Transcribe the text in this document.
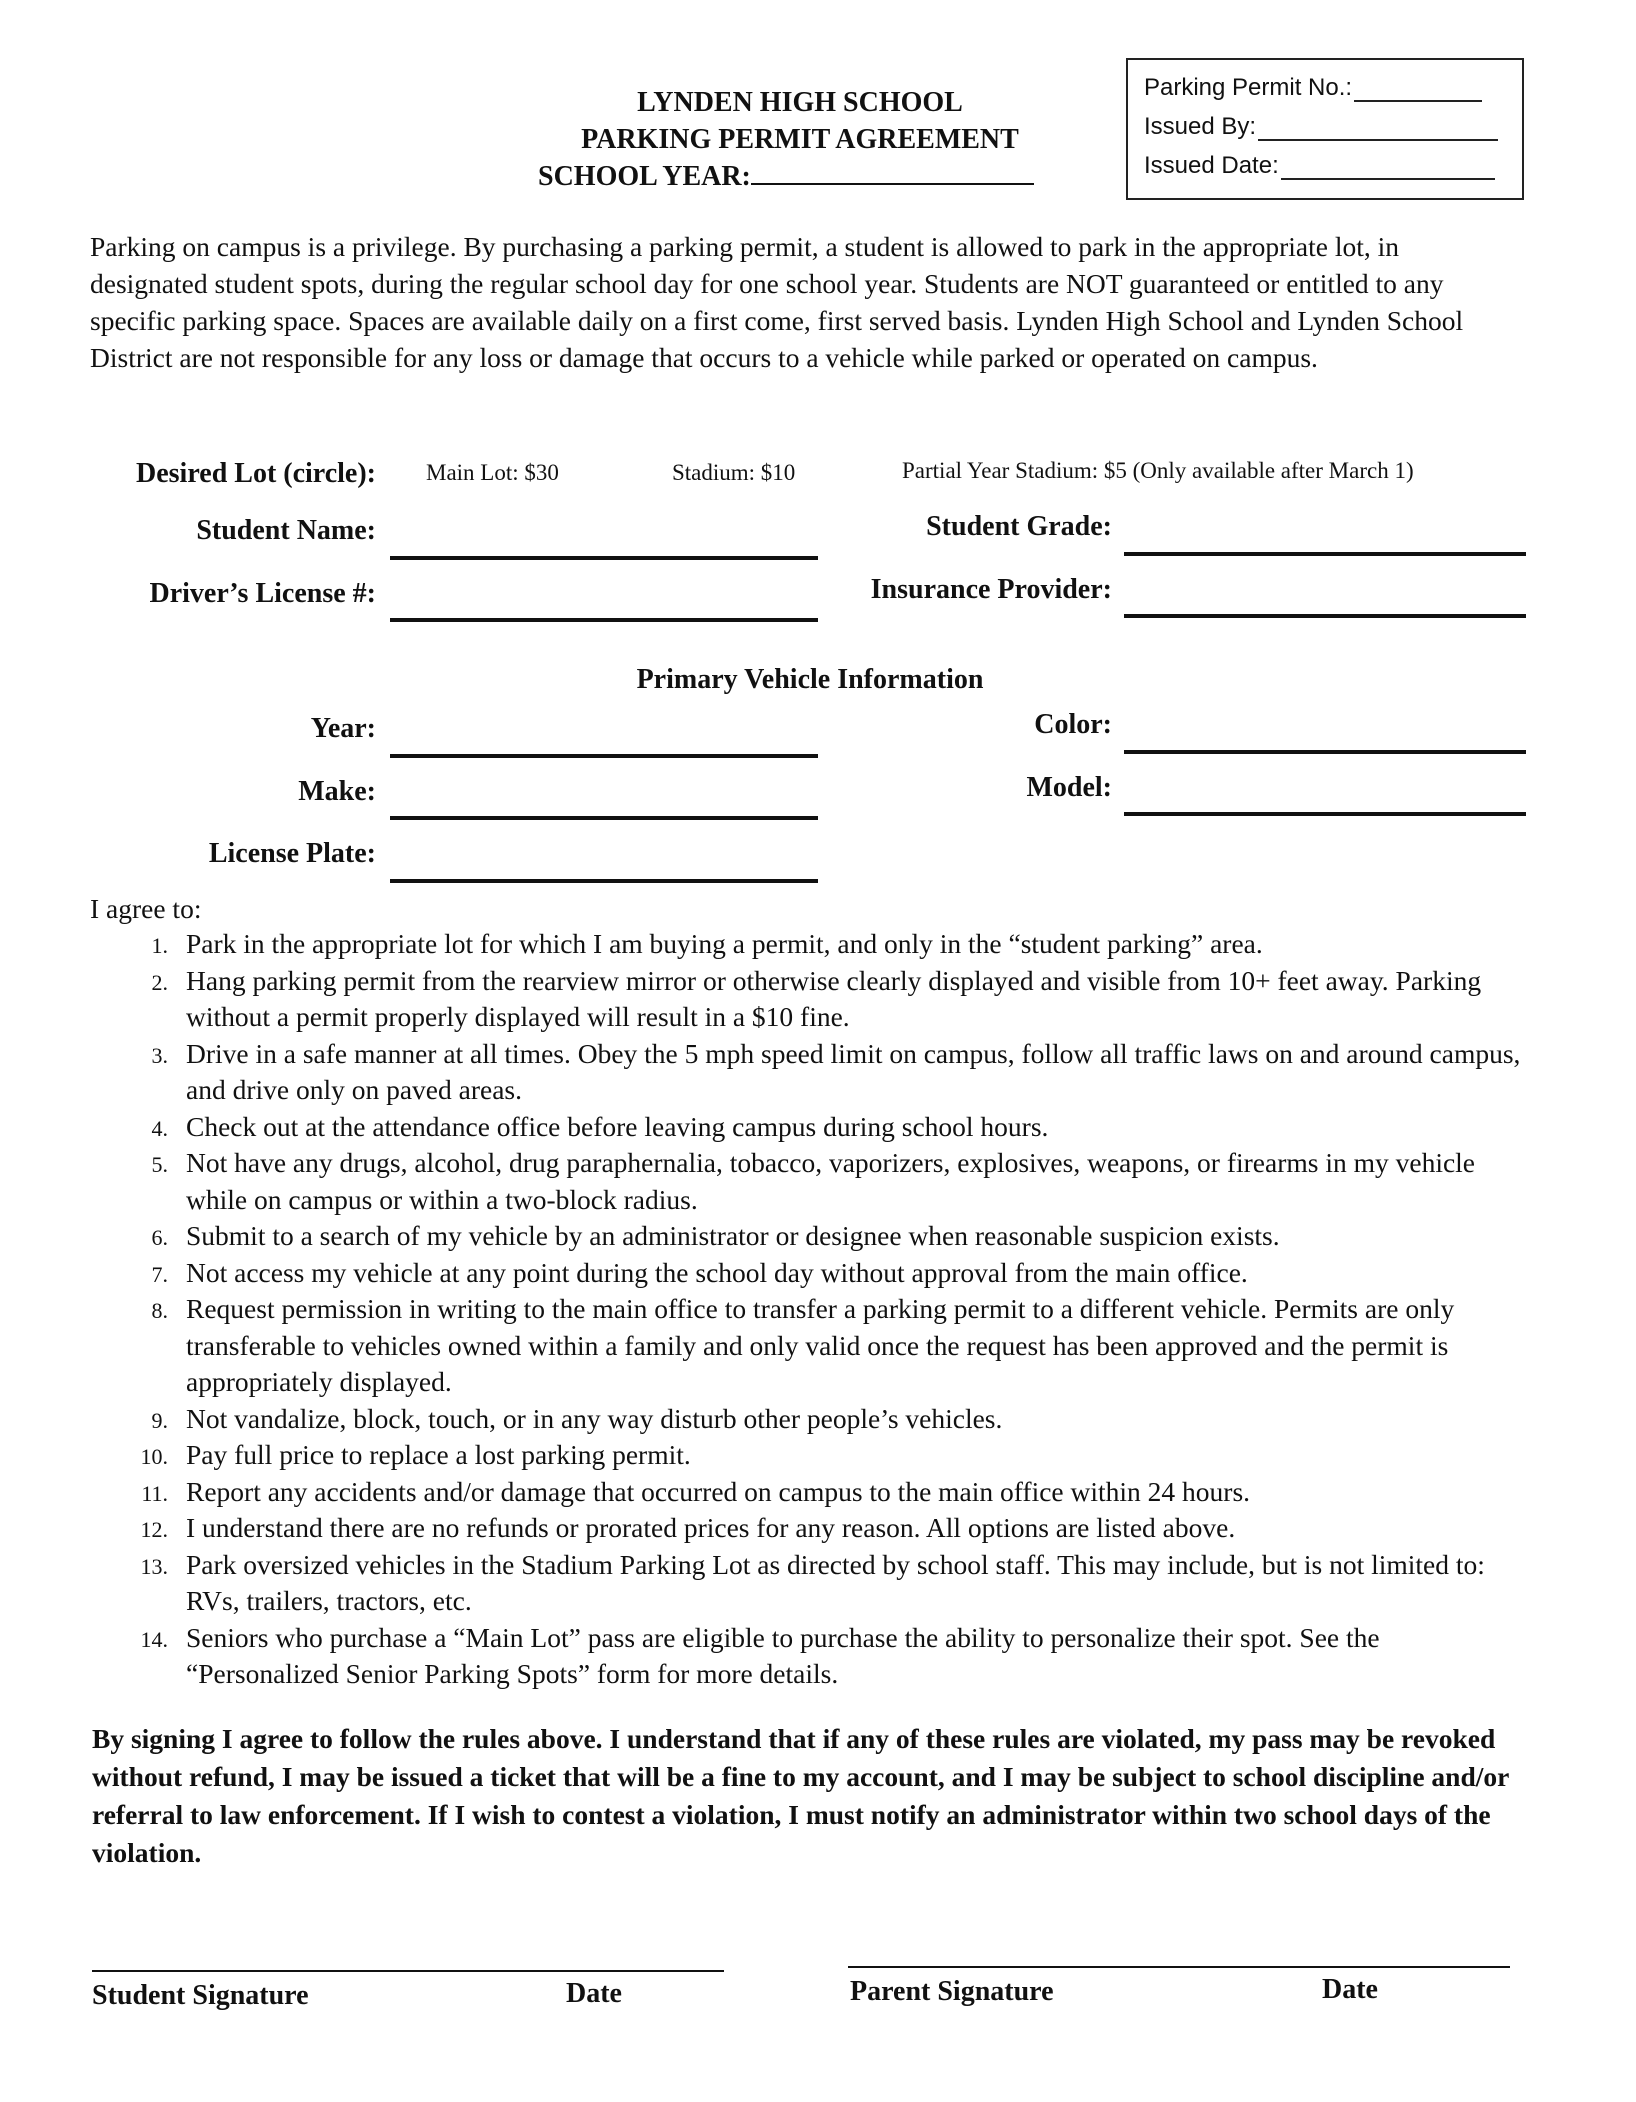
LYNDEN HIGH SCHOOL
PARKING PERMIT AGREEMENT
SCHOOL YEAR:
Parking Permit No.:
Issued By:
Issued Date:
Parking on campus is a privilege. By purchasing a parking permit, a student is allowed to park in the appropriate lot, in designated student spots, during the regular school day for one school year. Students are NOT guaranteed or entitled to any specific parking space. Spaces are available daily on a first come, first served basis. Lynden High School and Lynden School District are not responsible for any loss or damage that occurs to a vehicle while parked or operated on campus.
Desired Lot (circle): Main Lot: $30	Stadium: $10	Partial Year Stadium: $5 (Only available after March 1)
Student Name:	Student Grade:
Driver’s License #:	Insurance Provider:
Primary Vehicle Information
Year:	Color:
Make:	Model:
License Plate:
I agree to:
1. Park in the appropriate lot for which I am buying a permit, and only in the “student parking” area.
2. Hang parking permit from the rearview mirror or otherwise clearly displayed and visible from 10+ feet away. Parking without a permit properly displayed will result in a $10 fine.
3. Drive in a safe manner at all times. Obey the 5 mph speed limit on campus, follow all traffic laws on and around campus, and drive only on paved areas.
4. Check out at the attendance office before leaving campus during school hours.
5. Not have any drugs, alcohol, drug paraphernalia, tobacco, vaporizers, explosives, weapons, or firearms in my vehicle while on campus or within a two-block radius.
6. Submit to a search of my vehicle by an administrator or designee when reasonable suspicion exists.
7. Not access my vehicle at any point during the school day without approval from the main office.
8. Request permission in writing to the main office to transfer a parking permit to a different vehicle. Permits are only transferable to vehicles owned within a family and only valid once the request has been approved and the permit is appropriately displayed.
9. Not vandalize, block, touch, or in any way disturb other people’s vehicles.
10. Pay full price to replace a lost parking permit.
11. Report any accidents and/or damage that occurred on campus to the main office within 24 hours.
12. I understand there are no refunds or prorated prices for any reason. All options are listed above.
13. Park oversized vehicles in the Stadium Parking Lot as directed by school staff. This may include, but is not limited to: RVs, trailers, tractors, etc.
14. Seniors who purchase a “Main Lot” pass are eligible to purchase the ability to personalize their spot. See the “Personalized Senior Parking Spots” form for more details.
By signing I agree to follow the rules above. I understand that if any of these rules are violated, my pass may be revoked without refund, I may be issued a ticket that will be a fine to my account, and I may be subject to school discipline and/or referral to law enforcement. If I wish to contest a violation, I must notify an administrator within two school days of the violation.
Student Signature	Date	Parent Signature	Date
